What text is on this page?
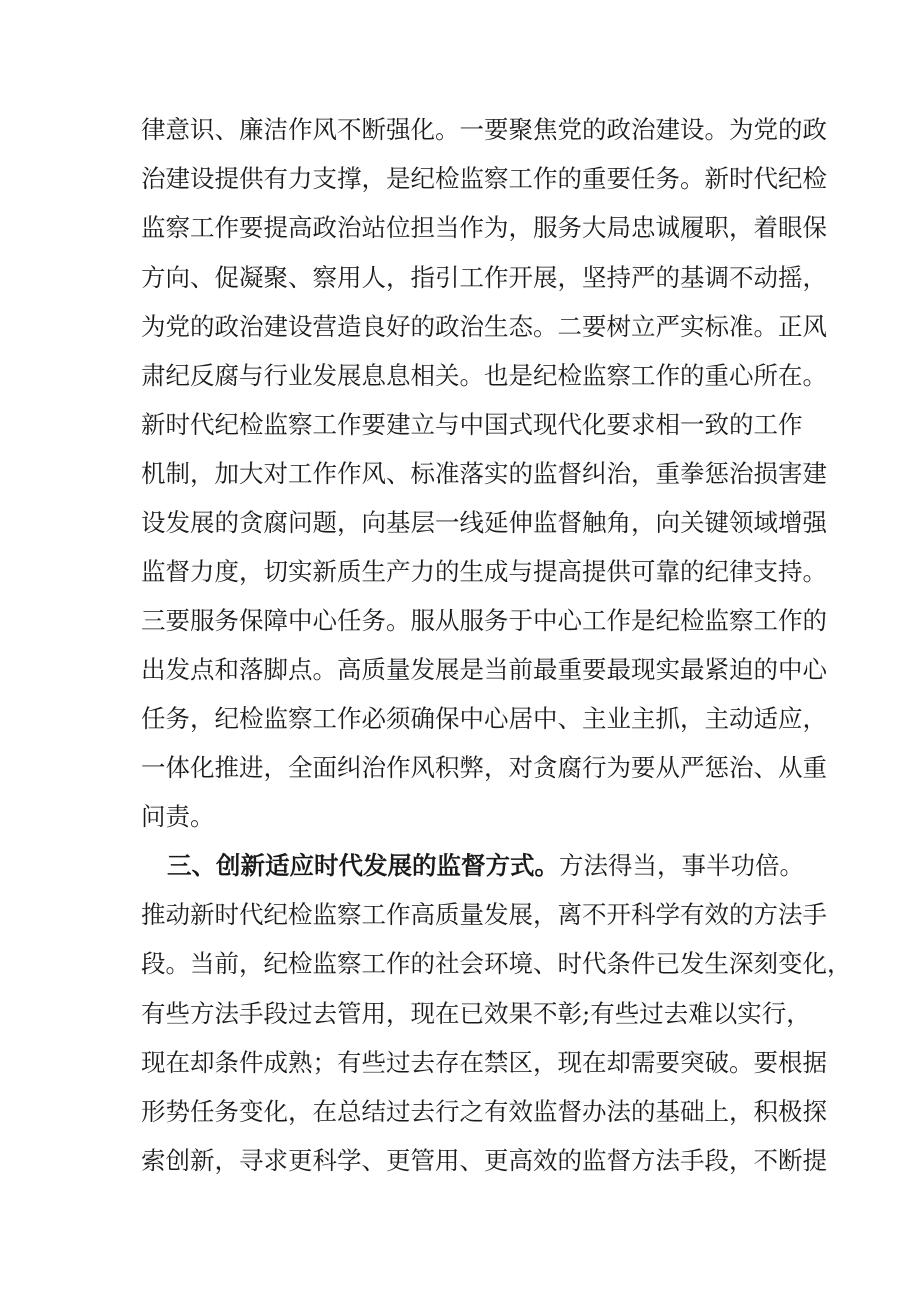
律意识、廉洁作风不断强化。一要聚焦党的政治建设。为党的政
治建设提供有力支撑，是纪检监察工作的重要任务。新时代纪检
监察工作要提高政治站位担当作为，服务大局忠诚履职，着眼保
方向、促凝聚、察用人，指引工作开展，坚持严的基调不动摇，
为党的政治建设营造良好的政治生态。二要树立严实标准。正风
肃纪反腐与行业发展息息相关。也是纪检监察工作的重心所在。
新时代纪检监察工作要建立与中国式现代化要求相一致的工作
机制，加大对工作作风、标准落实的监督纠治，重拳惩治损害建
设发展的贪腐问题，向基层一线延伸监督触角，向关键领域增强
监督力度，切实新质生产力的生成与提高提供可靠的纪律支持。
三要服务保障中心任务。服从服务于中心工作是纪检监察工作的
出发点和落脚点。高质量发展是当前最重要最现实最紧迫的中心
任务，纪检监察工作必须确保中心居中、主业主抓，主动适应，
一体化推进，全面纠治作风积弊，对贪腐行为要从严惩治、从重
问责。
三、创新适应时代发展的监督方式。方法得当，事半功倍。
推动新时代纪检监察工作高质量发展，离不开科学有效的方法手
段。当前，纪检监察工作的社会环境、时代条件已发生深刻变化，
有些方法手段过去管用，现在已效果不彰;有些过去难以实行，
现在却条件成熟；有些过去存在禁区，现在却需要突破。要根据
形势任务变化，在总结过去行之有效监督办法的基础上，积极探
索创新，寻求更科学、更管用、更高效的监督方法手段，不断提
